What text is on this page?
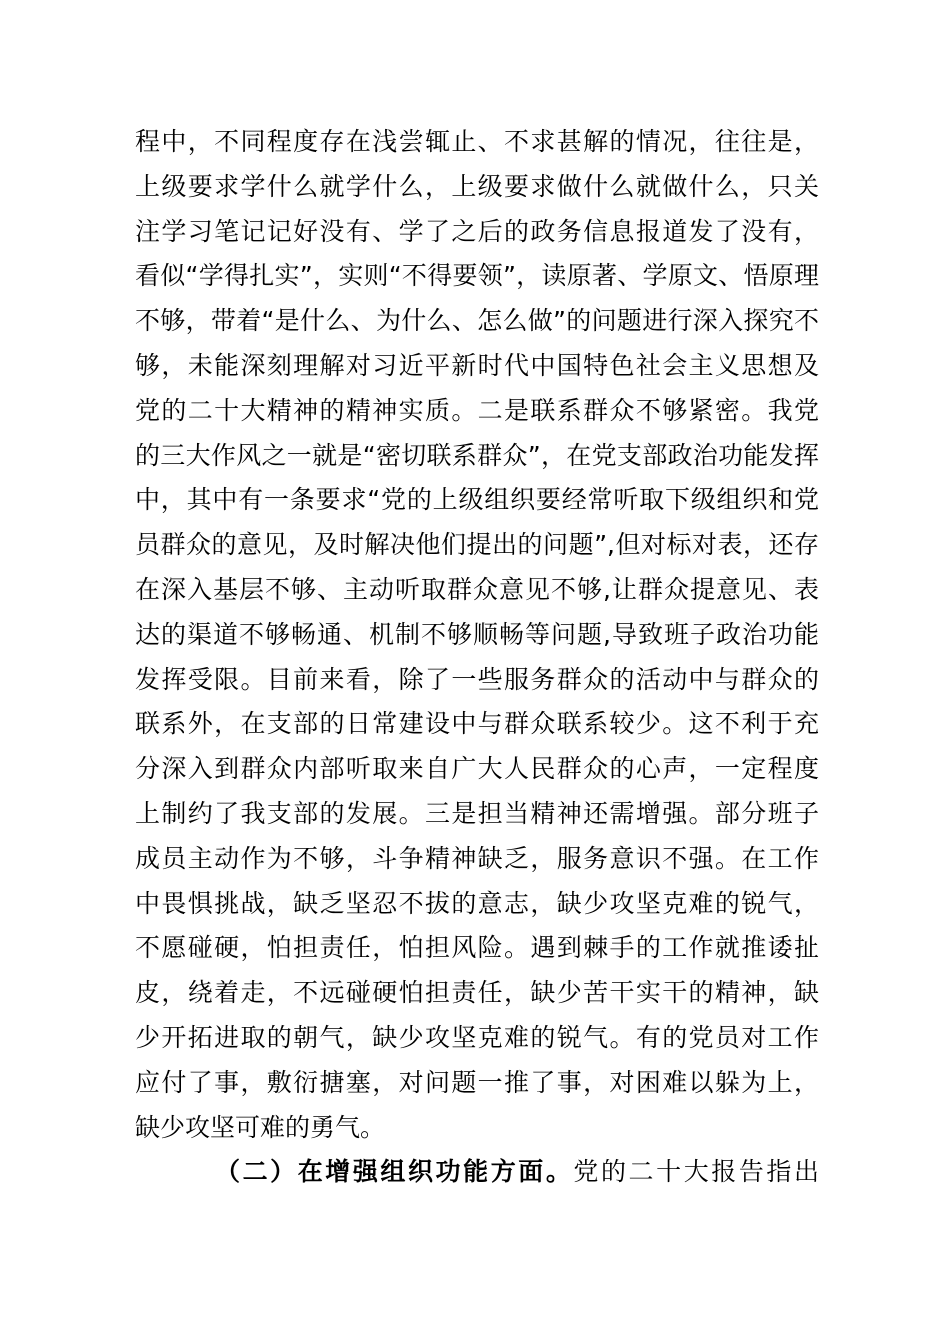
程中，不同程度存在浅尝辄止、不求甚解的情况，往往是，
上级要求学什么就学什么，上级要求做什么就做什么，只关
注学习笔记记好没有、学了之后的政务信息报道发了没有，
看似“学得扎实”，实则“不得要领”，读原著、学原文、悟原理
不够，带着“是什么、为什么、怎么做”的问题进行深入探究不
够，未能深刻理解对习近平新时代中国特色社会主义思想及
党的二十大精神的精神实质。二是联系群众不够紧密。我党
的三大作风之一就是“密切联系群众”，在党支部政治功能发挥
中，其中有一条要求“党的上级组织要经常听取下级组织和党
员群众的意见，及时解决他们提出的问题”,但对标对表，还存
在深入基层不够、主动听取群众意见不够,让群众提意见、表
达的渠道不够畅通、机制不够顺畅等问题,导致班子政治功能
发挥受限。目前来看，除了一些服务群众的活动中与群众的
联系外，在支部的日常建设中与群众联系较少。这不利于充
分深入到群众内部听取来自广大人民群众的心声，一定程度
上制约了我支部的发展。三是担当精神还需增强。部分班子
成员主动作为不够，斗争精神缺乏，服务意识不强。在工作
中畏惧挑战，缺乏坚忍不拔的意志，缺少攻坚克难的锐气，
不愿碰硬，怕担责任，怕担风险。遇到棘手的工作就推诿扯
皮，绕着走，不远碰硬怕担责任，缺少苦干实干的精神，缺
少开拓进取的朝气，缺少攻坚克难的锐气。有的党员对工作
应付了事，敷衍搪塞，对问题一推了事，对困难以躲为上，
缺少攻坚可难的勇气。
（二）在增强组织功能方面。党的二十大报告指出
